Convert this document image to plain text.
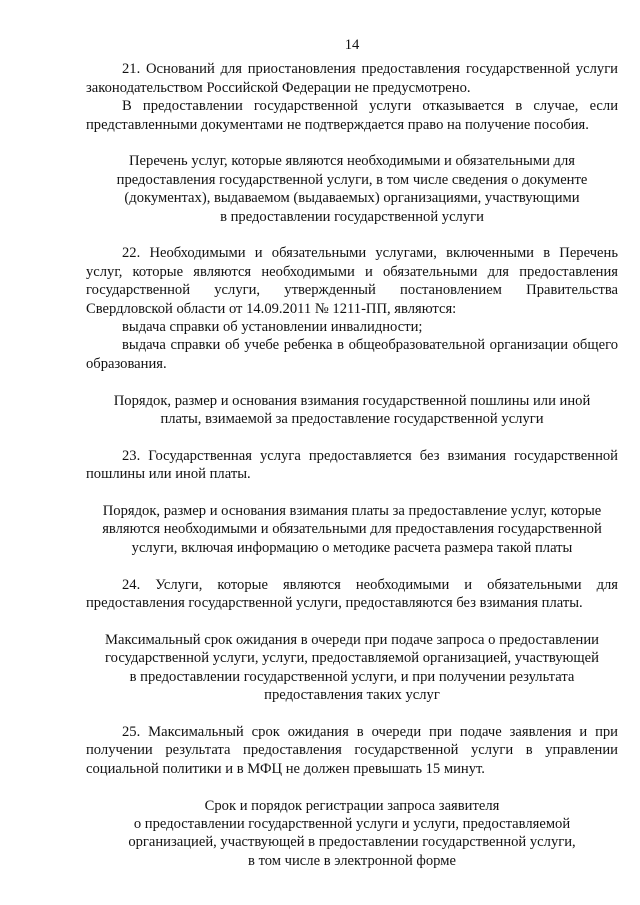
14

21. Оснований для приостановления предоставления государственной услуги законодательством Российской Федерации не предусмотрено.

В предоставлении государственной услуги отказывается в случае, если представленными документами не подтверждается право на получение пособия.

Перечень услуг, которые являются необходимыми и обязательными для
предоставления государственной услуги, в том числе сведения о документе
(документах), выдаваемом (выдаваемых) организациями, участвующими
в предоставлении государственной услуги

22. Необходимыми и обязательными услугами, включенными в Перечень услуг, которые являются необходимыми и обязательными для предоставления государственной услуги, утвержденный постановлением Правительства Свердловской области от 14.09.2011 № 1211-ПП, являются:

выдача справки об установлении инвалидности;

выдача справки об учебе ребенка в общеобразовательной организации общего образования.

Порядок, размер и основания взимания государственной пошлины или иной
платы, взимаемой за предоставление государственной услуги

23. Государственная услуга предоставляется без взимания государственной пошлины или иной платы.

Порядок, размер и основания взимания платы за предоставление услуг, которые
являются необходимыми и обязательными для предоставления государственной
услуги, включая информацию о методике расчета размера такой платы

24. Услуги, которые являются необходимыми и обязательными для предоставления государственной услуги, предоставляются без взимания платы.

Максимальный срок ожидания в очереди при подаче запроса о предоставлении
государственной услуги, услуги, предоставляемой организацией, участвующей
в предоставлении государственной услуги, и при получении результата
предоставления таких услуг

25. Максимальный срок ожидания в очереди при подаче заявления и при получении результата предоставления государственной услуги в управлении социальной политики и в МФЦ не должен превышать 15 минут.

Срок и порядок регистрации запроса заявителя
о предоставлении государственной услуги и услуги, предоставляемой
организацией, участвующей в предоставлении государственной услуги,
в том числе в электронной форме
